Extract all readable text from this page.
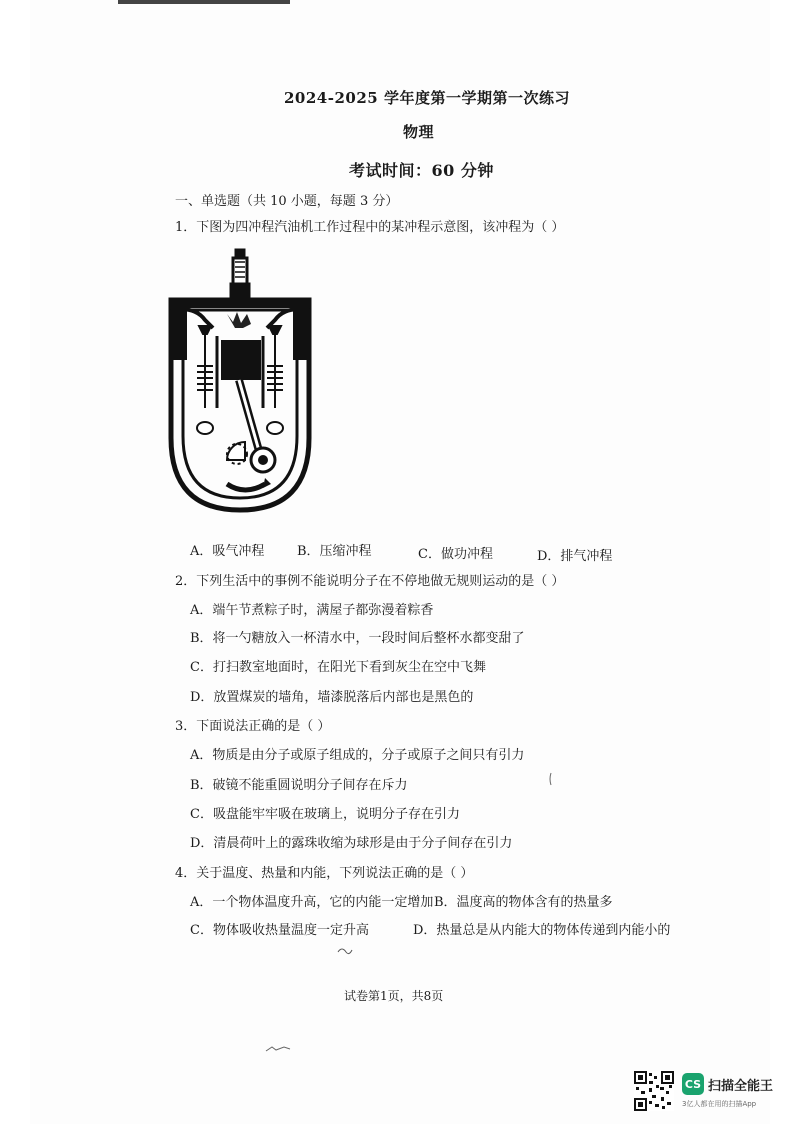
2024-2025 学年度第一学期第一次练习
物理
考试时间：60 分钟
一、单选题（共 10 小题，每题 3 分）
1．下图为四冲程汽油机工作过程中的某冲程示意图，该冲程为（ ）
A．吸气冲程	B．压缩冲程	C．做功冲程	D．排气冲程
2．下列生活中的事例不能说明分子在不停地做无规则运动的是（ ）
A．端午节煮粽子时，满屋子都弥漫着粽香
B．将一勺糖放入一杯清水中，一段时间后整杯水都变甜了
C．打扫教室地面时，在阳光下看到灰尘在空中飞舞
D．放置煤炭的墙角，墙漆脱落后内部也是黑色的
3．下面说法正确的是（ ）
A．物质是由分子或原子组成的，分子或原子之间只有引力
B．破镜不能重圆说明分子间存在斥力
C．吸盘能牢牢吸在玻璃上，说明分子存在引力
D．清晨荷叶上的露珠收缩为球形是由于分子间存在引力
4．关于温度、热量和内能，下列说法正确的是（ ）
A．一个物体温度升高，它的内能一定增加 B．温度高的物体含有的热量多
C．物体吸收热量温度一定升高	D．热量总是从内能大的物体传递到内能小的
试卷第1页，共8页
CS 扫描全能王
3亿人都在用的扫描App
